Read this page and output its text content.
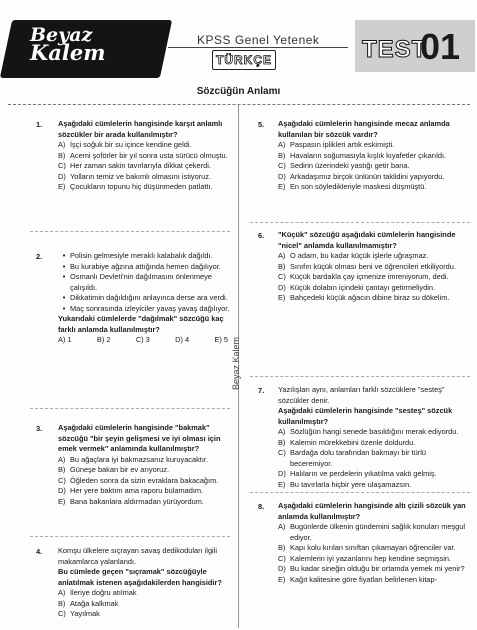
Beyaz
Kalem	KPSS Genel Yetenek
TÜRKÇE	TEST
01
Sözcüğün Anlamı
Beyaz Kalem
1. Aşağıdaki cümlelerin hangisinde karşıt anlamlı sözcükler bir arada kullanılmıştır?
A) İşçi soğuk bir su içince kendine geldi.
B) Acemi şoförler bir yıl sonra usta sürücü olmuştu.
C) Her zaman sakin tavırlarıyla dikkat çekerdi.
D) Yolların temiz ve bakımlı olmasını istiyoruz.
E) Çocukların topunu hiç düşünmeden patlattı.
2.	• Polisin gelmesiyle meraklı kalabalık dağıldı.
• Bu kurabiye ağzına attığında hemen dağılıyor.
• Osmanlı Devleti'nin dağılmasını önlenmeye çalışıldı.
• Dikkatimin dağıldığını anlayınca derse ara verdi.
• Maç sonrasında izleyiciler yavaş yavaş dağılıyor.
Yukarıdaki cümlelerde "dağılmak" sözcüğü kaç farklı anlamda kullanılmıştır?
A) 1	B) 2	C) 3	D) 4	E) 5
3. Aşağıdaki cümlelerin hangisinde "bakmak" sözcüğü "bir şeyin gelişmesi ve iyi olması için emek vermek" anlamında kullanılmıştır?
A) Bu ağaçlara iyi bakmazsanız kuruyacaktır.
B) Güneşe bakan bir ev arıyoruz.
C) Öğleden sonra da sizin evraklara bakacağım.
D) Her yere baktım ama raporu bulamadım.
E) Bana bakanlara aldırmadan yürüyordum.
4. Komşu ülkelere sıçrayan savaş dedikoduları ilgili makamlarca yalanlandı.
Bu cümlede geçen "sıçramak" sözcüğüyle anlatılmak istenen aşağıdakilerden hangisidir?
A) İleriye doğru atılmak
B) Atağa kalkmak
C) Yayılmak
5. Aşağıdaki cümlelerin hangisinde mecaz anlamda kullanılan bir sözcük vardır?
A) Paspasın iplikleri artık eskimişti.
B) Havaların soğumasıyla kışlık kıyafetler çıkarıldı.
C) Sedirin üzerindeki yastığı getir bana.
D) Arkadaşımız birçok ünlünün taklidini yapıyordu.
E) En son söyledikleriyle maskesi düşmüştü.
6. "Küçük" sözcüğü aşağıdaki cümlelerin hangisinde "nicel" anlamda kullanılmamıştır?
A) O adam, bu kadar küçük işlerle uğraşmaz.
B) Sınıfın küçük olması beni ve öğrencileri etkiliyordu.
C) Küçük bardakla çay içmenize imreniyorum, dedi.
D) Küçük dolabın içindeki çantayı getirmeliydin.
E) Bahçedeki küçük ağacın dibine biraz su dökelim.
7. Yazılışları aynı, anlamları farklı sözcüklere "sesteş" sözcükler denir.
Aşağıdaki cümlelerin hangisinde "sesteş" sözcük kullanılmıştır?
A) Sözlüğün hangi senede basıldığını merak ediyordu.
B) Kalemin mürekkebini özenle doldurdu.
C) Bardağa dolu tarafından bakmayı bir türlü beceremiyor.
D) Halıların ve perdelerin yıkatılma vakti gelmiş.
E) Bu tavırlarla hiçbir yere ulaşamazsın.
8. Aşağıdaki cümlelerin hangisinde altı çizili sözcük yan anlamda kullanılmıştır?
A) Bugünlerde ülkenin gündemini sağlık konuları meşgul ediyor.
B) Kapı kolu kırılan sınıftan çıkamayan öğrenciler var.
C) Kalemlerin iyi yazanlarını hep kendine seçmişsin.
D) Bu kadar sineğin olduğu bir ortamda yemek mi yenir?
E) Kağıt kalitesine göre fiyatları belirlenen kitap-
